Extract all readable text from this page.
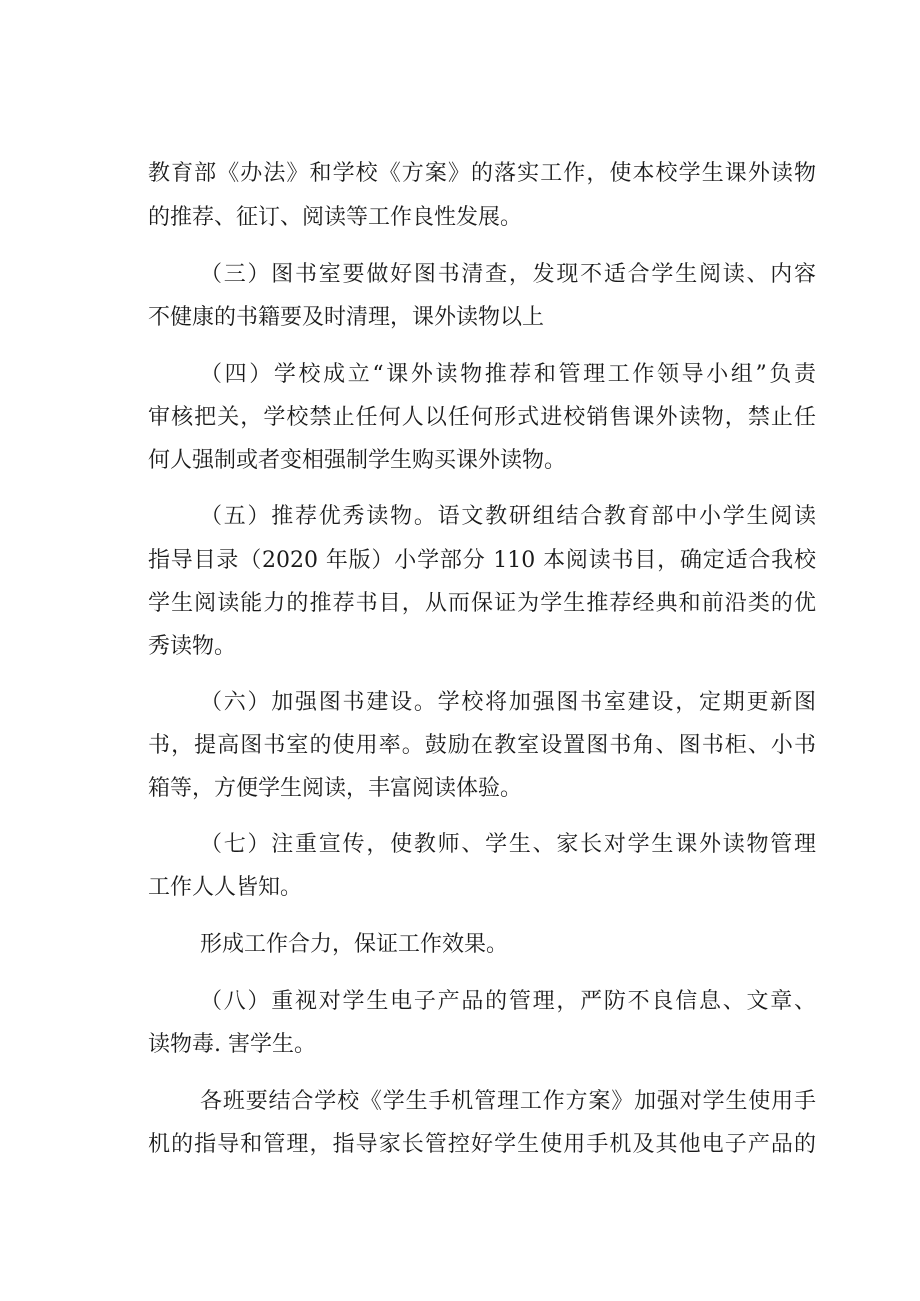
教育部《办法》和学校《方案》的落实工作，使本校学生课外读物
的推荐、征订、阅读等工作良性发展。
（三）图书室要做好图书清查，发现不适合学生阅读、内容
不健康的书籍要及时清理，课外读物以上
（四）学校成立“课外读物推荐和管理工作领导小组”负责
审核把关，学校禁止任何人以任何形式进校销售课外读物，禁止任
何人强制或者变相强制学生购买课外读物。
（五）推荐优秀读物。语文教研组结合教育部中小学生阅读
指导目录（2020 年版）小学部分 110 本阅读书目，确定适合我校
学生阅读能力的推荐书目，从而保证为学生推荐经典和前沿类的优
秀读物。
（六）加强图书建设。学校将加强图书室建设，定期更新图
书，提高图书室的使用率。鼓励在教室设置图书角、图书柜、小书
箱等，方便学生阅读，丰富阅读体验。
（七）注重宣传，使教师、学生、家长对学生课外读物管理
工作人人皆知。
形成工作合力，保证工作效果。
（八）重视对学生电子产品的管理，严防不良信息、文章、
读物毒. 害学生。
各班要结合学校《学生手机管理工作方案》加强对学生使用手
机的指导和管理，指导家长管控好学生使用手机及其他电子产品的
